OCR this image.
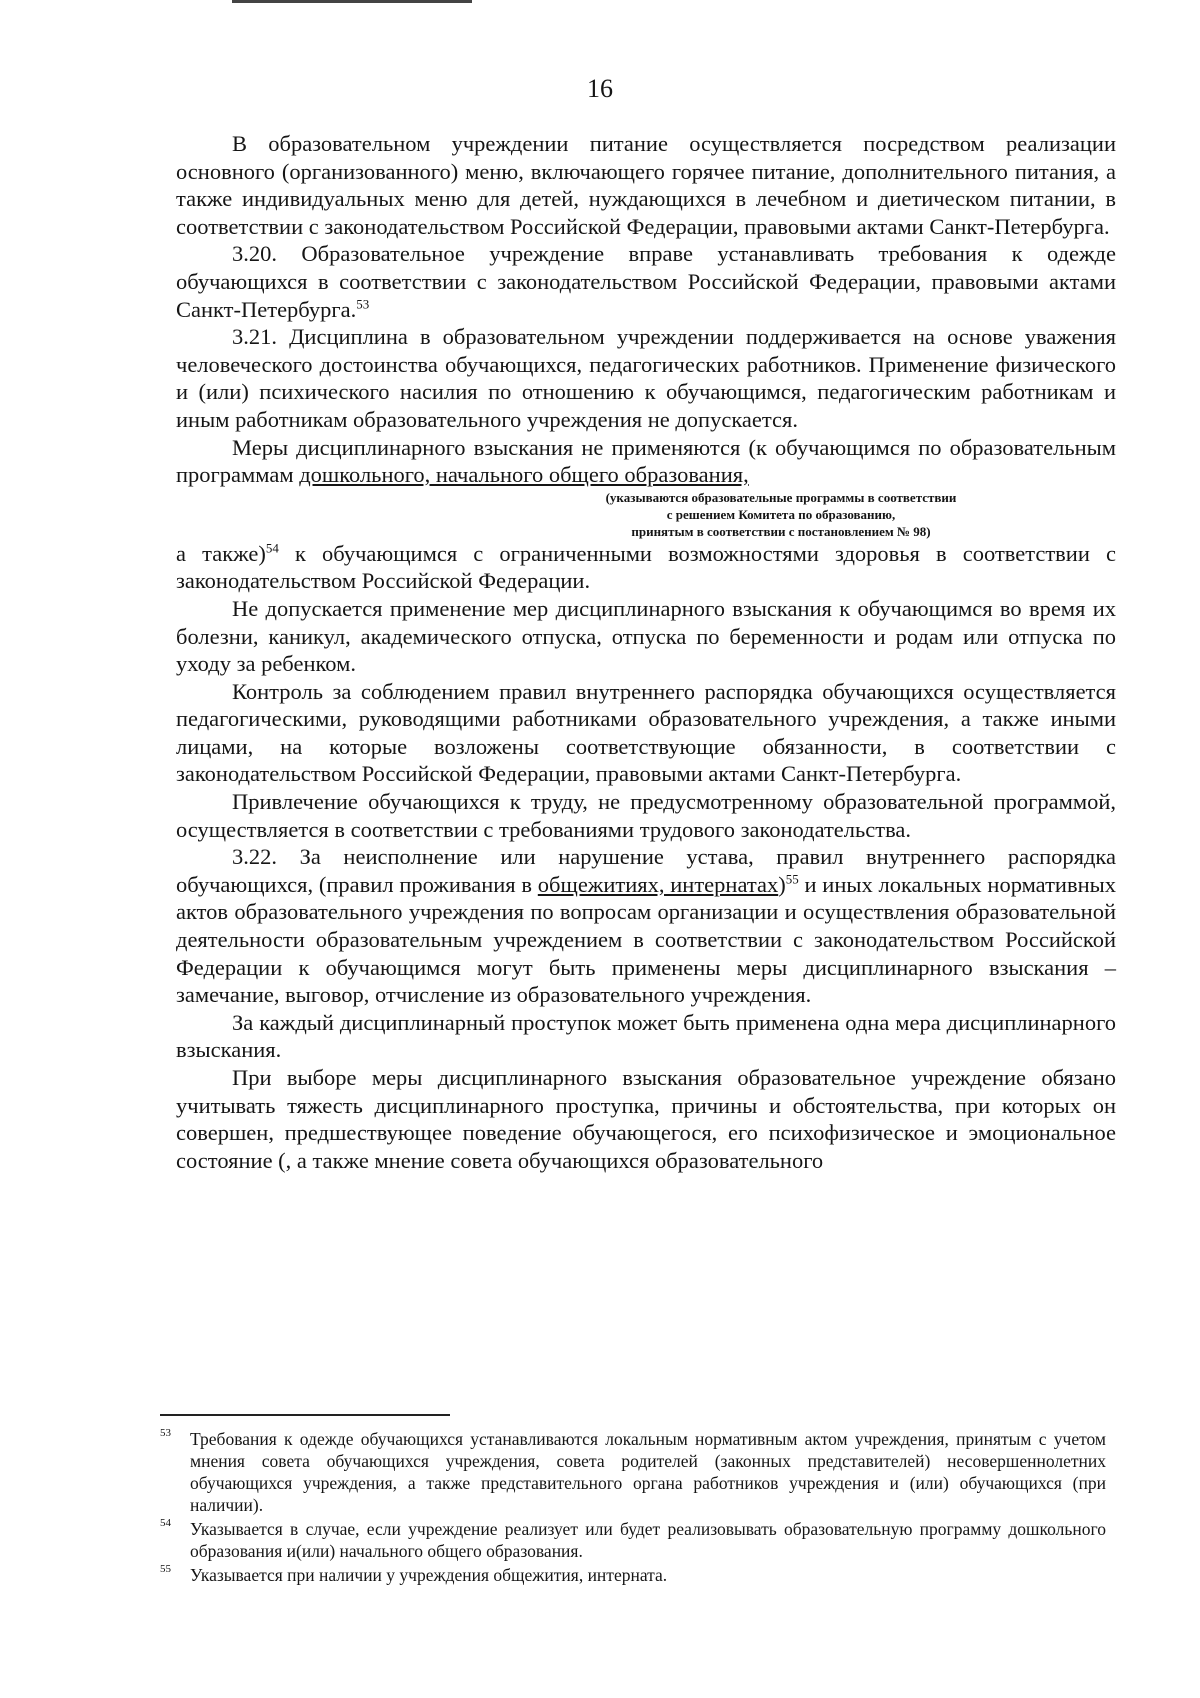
16

В образовательном учреждении питание осуществляется посредством реализации основного (организованного) меню, включающего горячее питание, дополнительного питания, а также индивидуальных меню для детей, нуждающихся в лечебном и диетическом питании, в соответствии с законодательством Российской Федерации, правовыми актами Санкт-Петербурга.

3.20. Образовательное учреждение вправе устанавливать требования к одежде обучающихся в соответствии с законодательством Российской Федерации, правовыми актами Санкт-Петербурга.$^{53}$

3.21. Дисциплина в образовательном учреждении поддерживается на основе уважения человеческого достоинства обучающихся, педагогических работников. Применение физического и (или) психического насилия по отношению к обучающимся, педагогическим работникам и иным работникам образовательного учреждения не допускается.

Меры дисциплинарного взыскания не применяются (к обучающимся по образовательным программам дошкольного, начального общего образования,

(указываются образовательные программы в соответствии
с решением Комитета по образованию,
принятым в соответствии с постановлением № 98)

а также)$^{54}$ к обучающимся с ограниченными возможностями здоровья в соответствии с законодательством Российской Федерации.

Не допускается применение мер дисциплинарного взыскания к обучающимся во время их болезни, каникул, академического отпуска, отпуска по беременности и родам или отпуска по уходу за ребенком.

Контроль за соблюдением правил внутреннего распорядка обучающихся осуществляется педагогическими, руководящими работниками образовательного учреждения, а также иными лицами, на которые возложены соответствующие обязанности, в соответствии с законодательством Российской Федерации, правовыми актами Санкт-Петербурга.

Привлечение обучающихся к труду, не предусмотренному образовательной программой, осуществляется в соответствии с требованиями трудового законодательства.

3.22. За неисполнение или нарушение устава, правил внутреннего распорядка обучающихся, (правил проживания в общежитиях, интернатах)$^{55}$ и иных локальных нормативных актов образовательного учреждения по вопросам организации и осуществления образовательной деятельности образовательным учреждением в соответствии с законодательством Российской Федерации к обучающимся могут быть применены меры дисциплинарного взыскания – замечание, выговор, отчисление из образовательного учреждения.

За каждый дисциплинарный проступок может быть применена одна мера дисциплинарного взыскания.

При выборе меры дисциплинарного взыскания образовательное учреждение обязано учитывать тяжесть дисциплинарного проступка, причины и обстоятельства, при которых он совершен, предшествующее поведение обучающегося, его психофизическое и эмоциональное состояние (, а также мнение совета обучающихся образовательного

53 Требования к одежде обучающихся устанавливаются локальным нормативным актом учреждения, принятым с учетом мнения совета обучающихся учреждения, совета родителей (законных представителей) несовершеннолетних обучающихся учреждения, а также представительного органа работников учреждения и (или) обучающихся (при наличии).

54 Указывается в случае, если учреждение реализует или будет реализовывать образовательную программу дошкольного образования и(или) начального общего образования.

55 Указывается при наличии у учреждения общежития, интерната.
